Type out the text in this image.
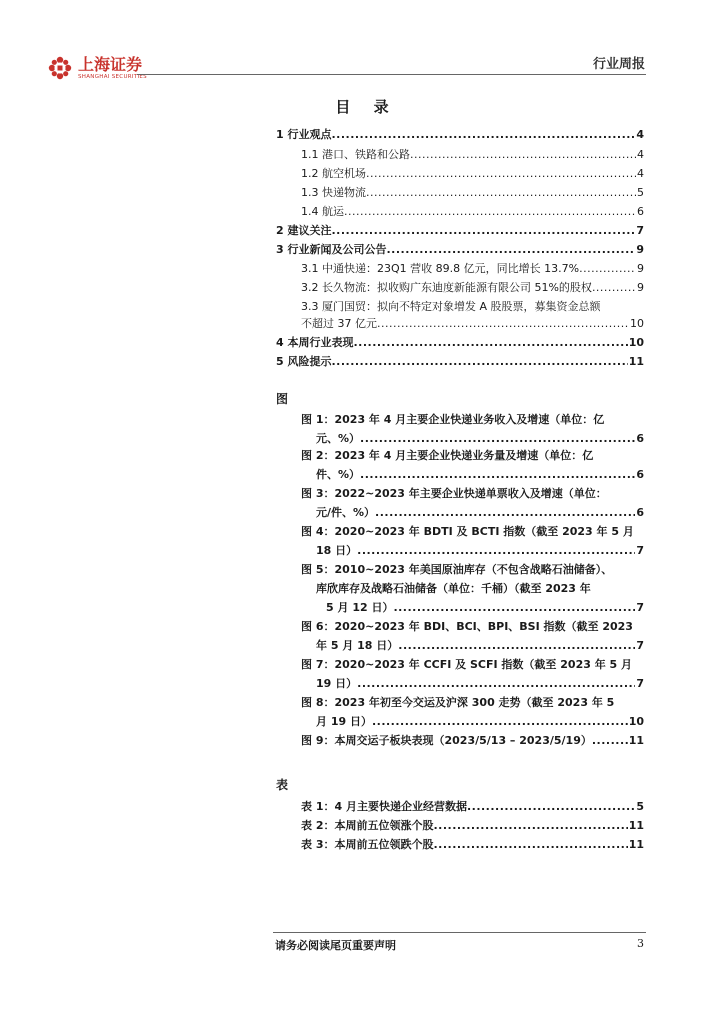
上海证券
SHANGHAI SECURITIES
行业周报
目 录
1 行业观点 .....	4
1.1 港口、铁路和公路 .....	4
1.2 航空机场 .....	4
1.3 快递物流 .....	5
1.4 航运 .....	6
2 建议关注 .....	7
3 行业新闻及公司公告 .....	9
3.1 中通快递：23Q1 营收 89.8 亿元，同比增长 13.7% .....	9
3.2 长久物流：拟收购广东迪度新能源有限公司 51%的股权 .....	9
3.3 厦门国贸：拟向不特定对象增发 A 股股票，募集资金总额
不超过 37 亿元 .....	10
4 本周行业表现 .....	10
5 风险提示 .....	11
图
图 1：2023 年 4 月主要企业快递业务收入及增速（单位：亿
元、%） .....	6
图 2：2023 年 4 月主要企业快递业务量及增速（单位：亿
件、%） .....	6
图 3：2022~2023 年主要企业快递单票收入及增速（单位：
元/件、%） .....	6
图 4：2020~2023 年 BDTI 及 BCTI 指数（截至 2023 年 5 月
18 日） .....	7
图 5：2010~2023 年美国原油库存（不包含战略石油储备）、
库欣库存及战略石油储备（单位：千桶）（截至 2023 年
5 月 12 日） .....	7
图 6：2020~2023 年 BDI、BCI、BPI、BSI 指数（截至 2023
年 5 月 18 日） .....	7
图 7：2020~2023 年 CCFI 及 SCFI 指数（截至 2023 年 5 月
19 日） .....	7
图 8：2023 年初至今交运及沪深 300 走势（截至 2023 年 5
月 19 日） .....	10
图 9：本周交运子板块表现（2023/5/13 – 2023/5/19） .....	11
表
表 1：4 月主要快递企业经营数据 .....	5
表 2：本周前五位领涨个股 .....	11
表 3：本周前五位领跌个股 .....	11
请务必阅读尾页重要声明	3
